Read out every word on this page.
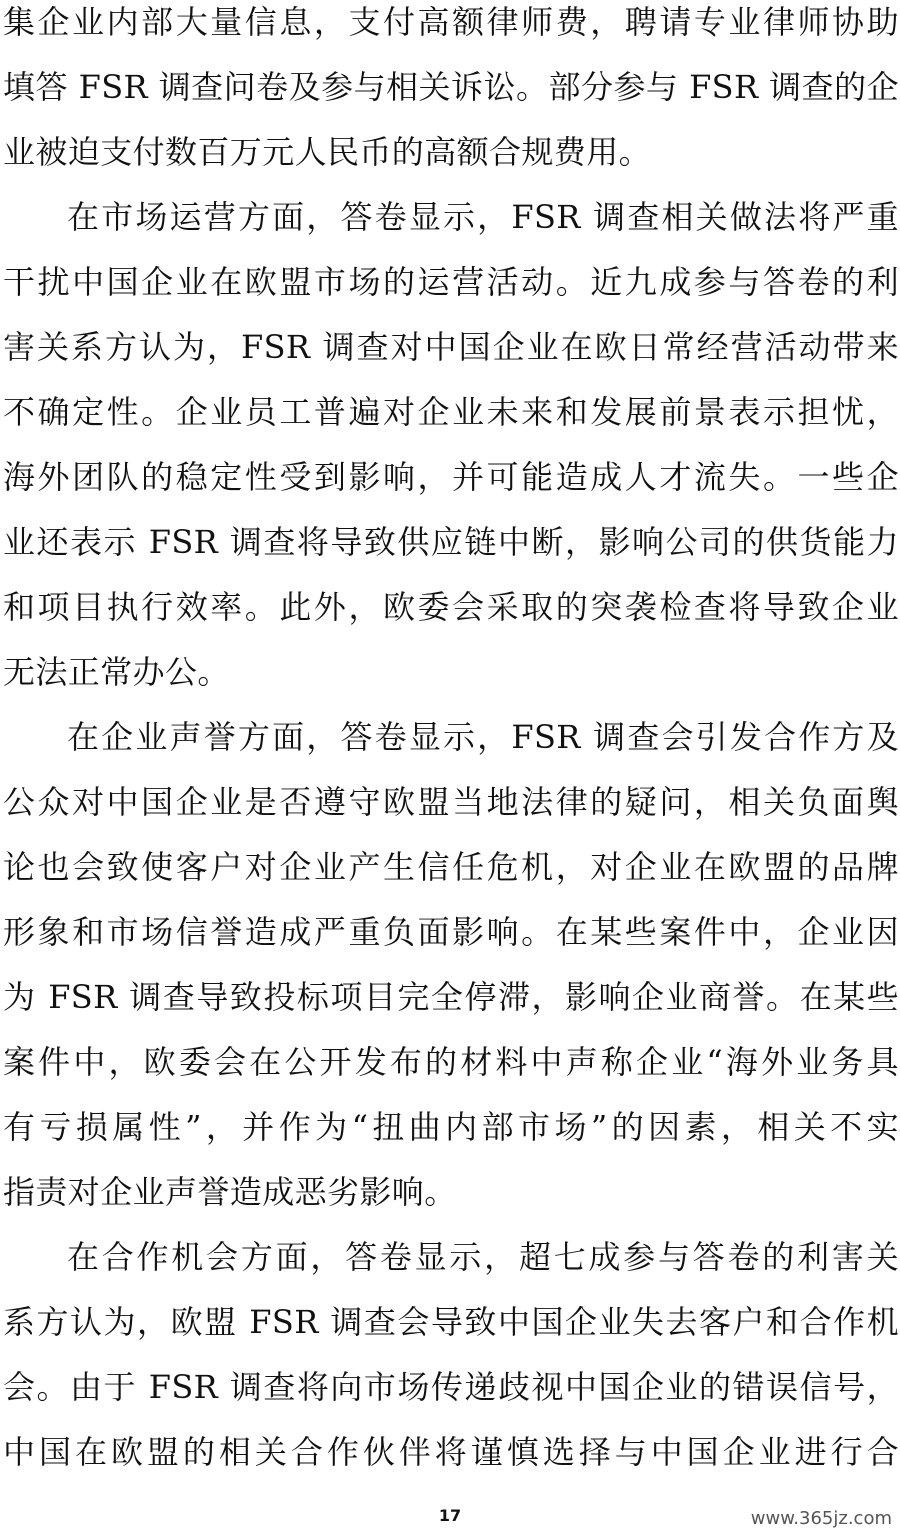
集企业内部大量信息，支付高额律师费，聘请专业律师协助
填答 FSR 调查问卷及参与相关诉讼。部分参与 FSR 调查的企
业被迫支付数百万元人民币的高额合规费用。
在市场运营方面，答卷显示，FSR 调查相关做法将严重
干扰中国企业在欧盟市场的运营活动。近九成参与答卷的利
害关系方认为，FSR 调查对中国企业在欧日常经营活动带来
不确定性。企业员工普遍对企业未来和发展前景表示担忧，
海外团队的稳定性受到影响，并可能造成人才流失。一些企
业还表示 FSR 调查将导致供应链中断，影响公司的供货能力
和项目执行效率。此外，欧委会采取的突袭检查将导致企业
无法正常办公。
在企业声誉方面，答卷显示，FSR 调查会引发合作方及
公众对中国企业是否遵守欧盟当地法律的疑问，相关负面舆
论也会致使客户对企业产生信任危机，对企业在欧盟的品牌
形象和市场信誉造成严重负面影响。在某些案件中，企业因
为 FSR 调查导致投标项目完全停滞，影响企业商誉。在某些
案件中，欧委会在公开发布的材料中声称企业“海外业务具
有亏损属性”，并作为“扭曲内部市场”的因素，相关不实
指责对企业声誉造成恶劣影响。
在合作机会方面，答卷显示，超七成参与答卷的利害关
系方认为，欧盟 FSR 调查会导致中国企业失去客户和合作机
会。由于 FSR 调查将向市场传递歧视中国企业的错误信号，
中国在欧盟的相关合作伙伴将谨慎选择与中国企业进行合
17	www.365jz.com
